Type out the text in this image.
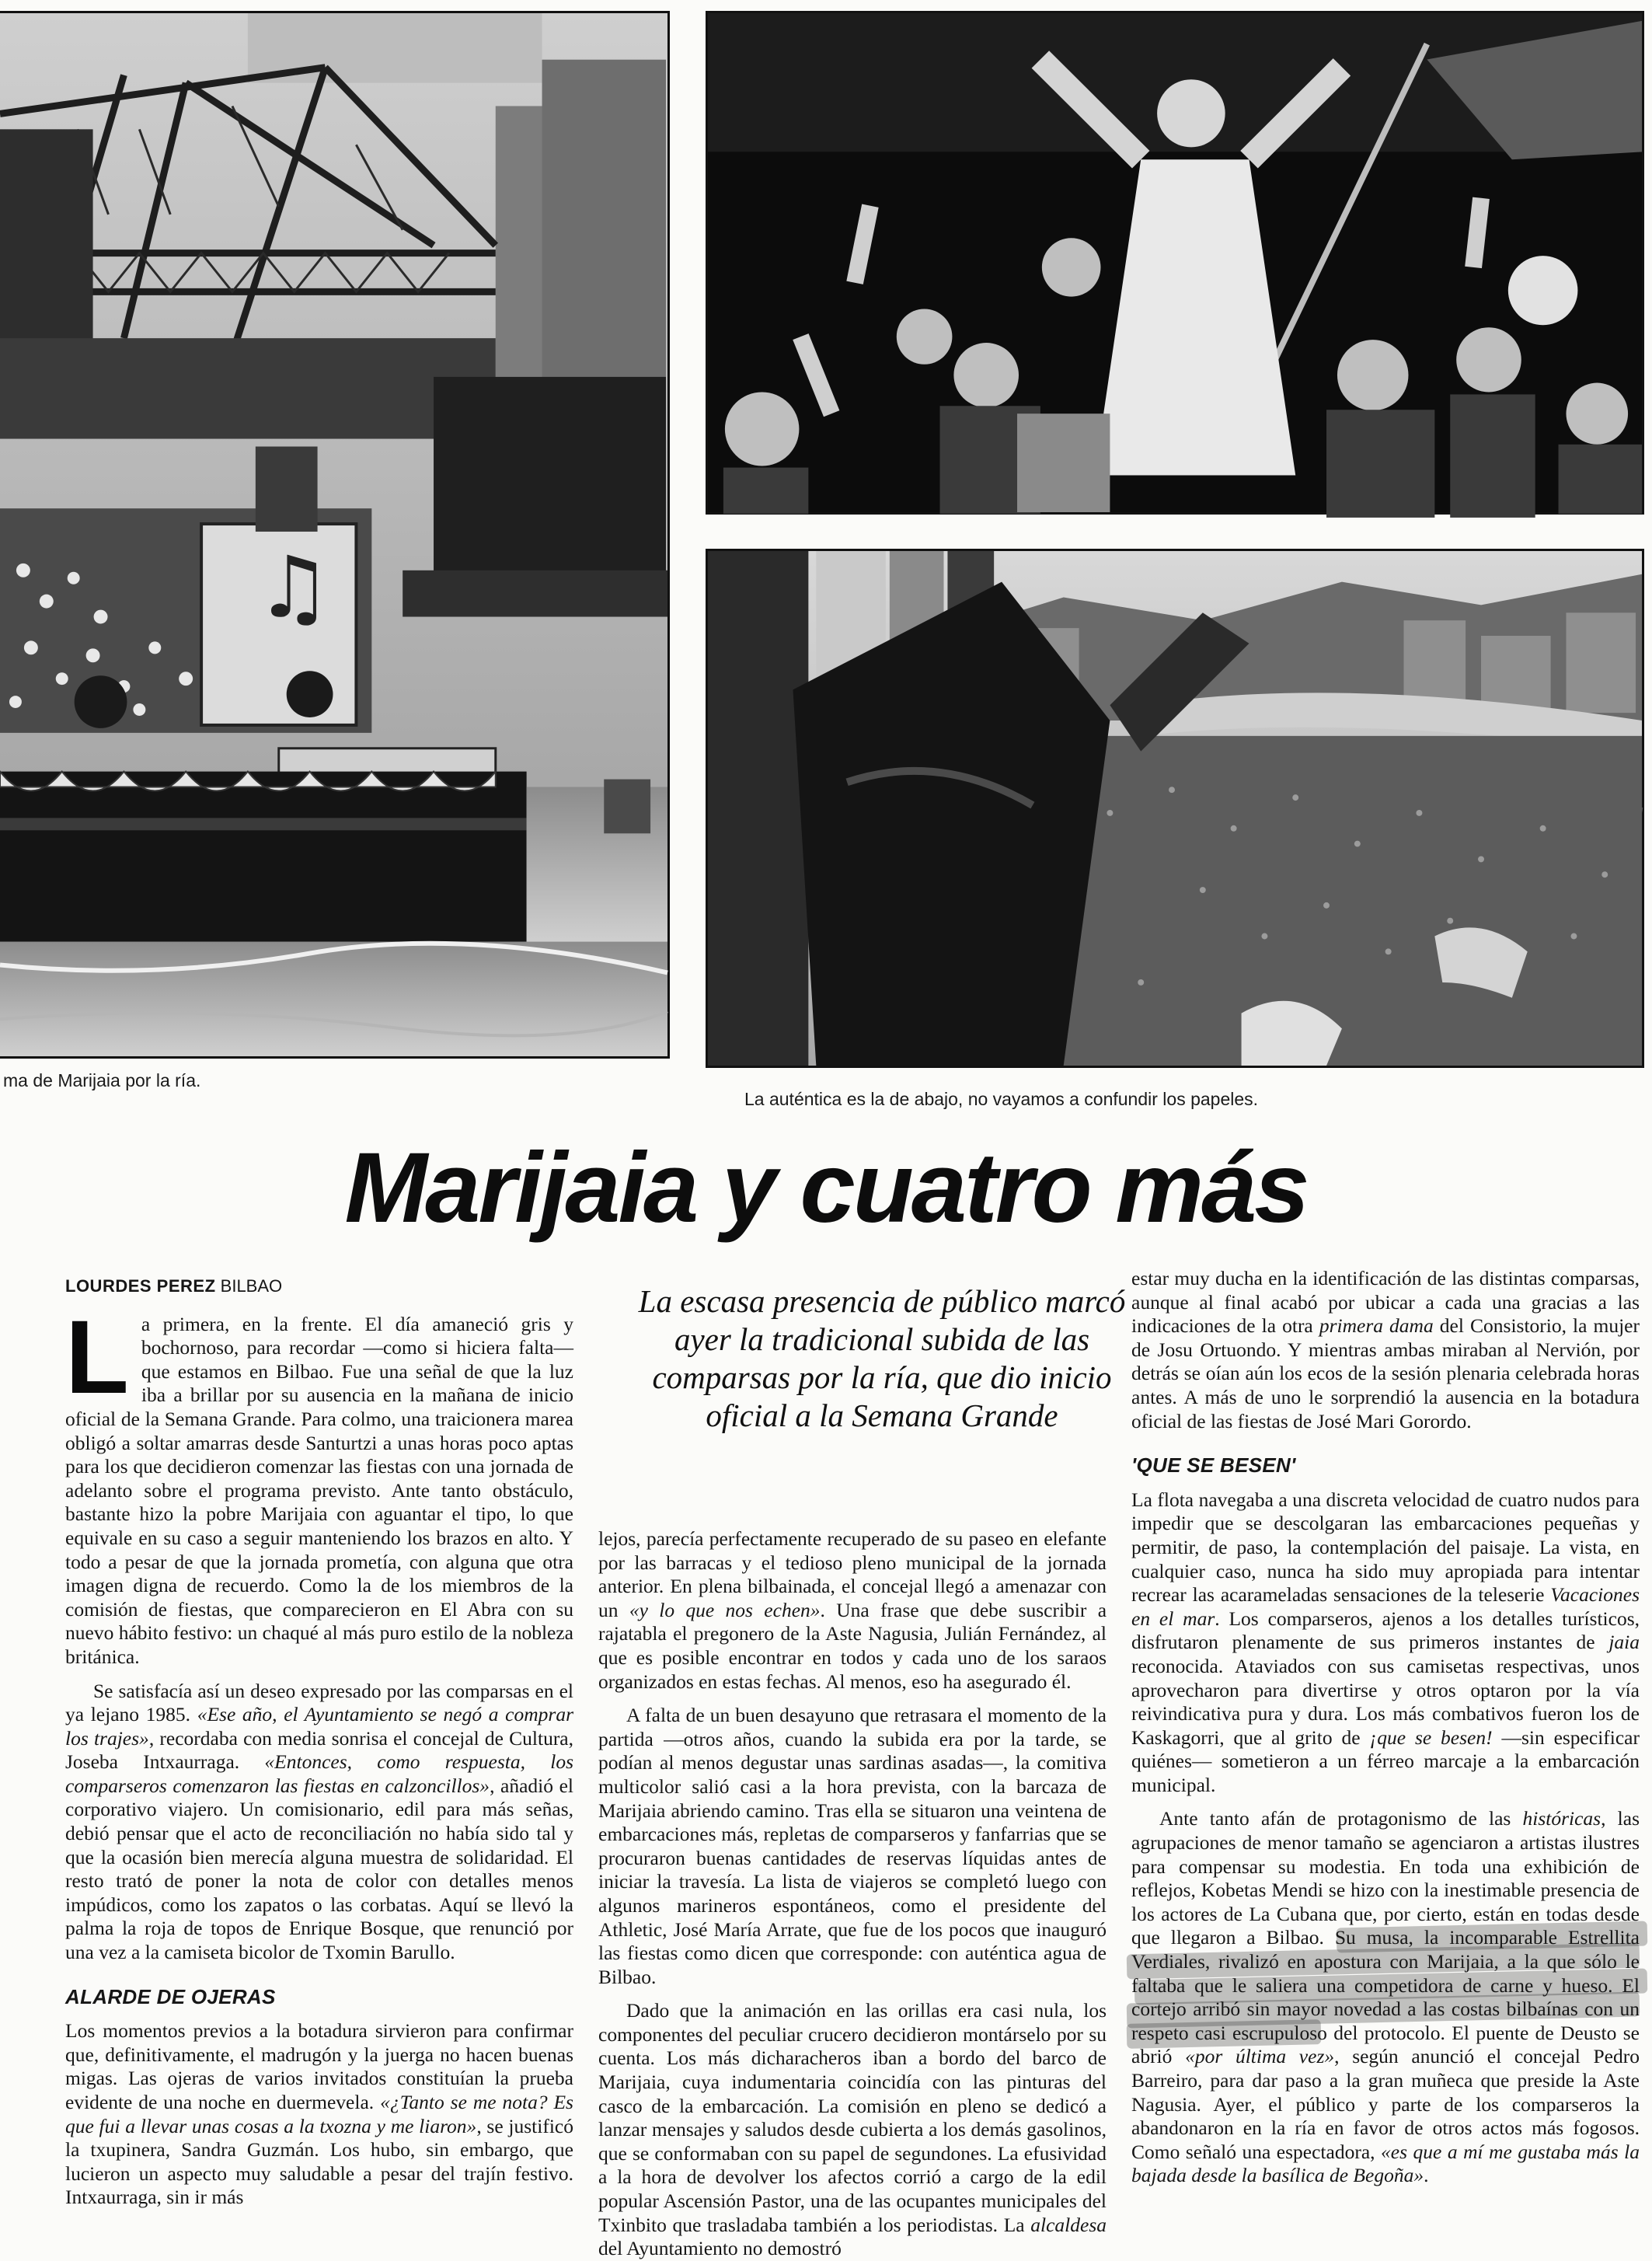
♫
ma de Marijaia por la ría.
La auténtica es la de abajo, no vayamos a confundir los papeles.
Marijaia y cuatro más

La escasa presencia de público marcó ayer la tradicional subida de las comparsas por la ría, que dio inicio oficial a la Semana Grande

LOURDES PEREZ BILBAO

La primera, en la frente. El día amaneció gris y bochornoso, para recordar —como si hiciera falta— que estamos en Bilbao. Fue una señal de que la luz iba a brillar por su ausencia en la mañana de inicio oficial de la Semana Grande. Para colmo, una traicionera marea obligó a soltar amarras desde Santurtzi a unas horas poco aptas para los que decidieron comenzar las fiestas con una jornada de adelanto sobre el programa previsto. Ante tanto obstáculo, bastante hizo la pobre Marijaia con aguantar el tipo, lo que equivale en su caso a seguir manteniendo los brazos en alto. Y todo a pesar de que la jornada prometía, con alguna que otra imagen digna de recuerdo. Como la de los miembros de la comisión de fiestas, que comparecieron en El Abra con su nuevo hábito festivo: un chaqué al más puro estilo de la nobleza británica.

Se satisfacía así un deseo expresado por las comparsas en el ya lejano 1985. «Ese año, el Ayuntamiento se negó a comprar los trajes», recordaba con media sonrisa el concejal de Cultura, Joseba Intxaurraga. «Entonces, como respuesta, los comparseros comenzaron las fiestas en calzoncillos», añadió el corporativo viajero. Un comisionario, edil para más señas, debió pensar que el acto de reconciliación no había sido tal y que la ocasión bien merecía alguna muestra de solidaridad. El resto trató de poner la nota de color con detalles menos impúdicos, como los zapatos o las corbatas. Aquí se llevó la palma la roja de topos de Enrique Bosque, que renunció por una vez a la camiseta bicolor de Txomin Barullo.

ALARDE DE OJERAS

Los momentos previos a la botadura sirvieron para confirmar que, definitivamente, el madrugón y la juerga no hacen buenas migas. Las ojeras de varios invitados constituían la prueba evidente de una noche en duermevela. «¿Tanto se me nota? Es que fui a llevar unas cosas a la txozna y me liaron», se justificó la txupinera, Sandra Guzmán. Los hubo, sin embargo, que lucieron un aspecto muy saludable a pesar del trajín festivo. Intxaurraga, sin ir más

lejos, parecía perfectamente recuperado de su paseo en elefante por las barracas y el tedioso pleno municipal de la jornada anterior. En plena bilbainada, el concejal llegó a amenazar con un «y lo que nos echen». Una frase que debe suscribir a rajatabla el pregonero de la Aste Nagusia, Julián Fernández, al que es posible encontrar en todos y cada uno de los saraos organizados en estas fechas. Al menos, eso ha asegurado él.

A falta de un buen desayuno que retrasara el momento de la partida —otros años, cuando la subida era por la tarde, se podían al menos degustar unas sardinas asadas—, la comitiva multicolor salió casi a la hora prevista, con la barcaza de Marijaia abriendo camino. Tras ella se situaron una veintena de embarcaciones más, repletas de comparseros y fanfarrias que se procuraron buenas cantidades de reservas líquidas antes de iniciar la travesía. La lista de viajeros se completó luego con algunos marineros espontáneos, como el presidente del Athletic, José María Arrate, que fue de los pocos que inauguró las fiestas como dicen que corresponde: con auténtica agua de Bilbao.

Dado que la animación en las orillas era casi nula, los componentes del peculiar crucero decidieron montárselo por su cuenta. Los más dicharacheros iban a bordo del barco de Marijaia, cuya indumentaria coincidía con las pinturas del casco de la embarcación. La comisión en pleno se dedicó a lanzar mensajes y saludos desde cubierta a los demás gasolinos, que se conformaban con su papel de segundones. La efusividad a la hora de devolver los afectos corrió a cargo de la edil popular Ascensión Pastor, una de las ocupantes municipales del Txinbito que trasladaba también a los periodistas. La alcaldesa del Ayuntamiento no demostró

estar muy ducha en la identificación de las distintas comparsas, aunque al final acabó por ubicar a cada una gracias a las indicaciones de la otra primera dama del Consistorio, la mujer de Josu Ortuondo. Y mientras ambas miraban al Nervión, por detrás se oían aún los ecos de la sesión plenaria celebrada horas antes. A más de uno le sorprendió la ausencia en la botadura oficial de las fiestas de José Mari Gorordo.

'QUE SE BESEN'

La flota navegaba a una discreta velocidad de cuatro nudos para impedir que se descolgaran las embarcaciones pequeñas y permitir, de paso, la contemplación del paisaje. La vista, en cualquier caso, nunca ha sido muy apropiada para intentar recrear las acarameladas sensaciones de la teleserie Vacaciones en el mar. Los comparseros, ajenos a los detalles turísticos, disfrutaron plenamente de sus primeros instantes de jaia reconocida. Ataviados con sus camisetas respectivas, unos aprovecharon para divertirse y otros optaron por la vía reivindicativa pura y dura. Los más combativos fueron los de Kaskagorri, que al grito de ¡que se besen! —sin especificar quiénes— sometieron a un férreo marcaje a la embarcación municipal.

Ante tanto afán de protagonismo de las históricas, las agrupaciones de menor tamaño se agenciaron a artistas ilustres para compensar su modestia. En toda una exhibición de reflejos, Kobetas Mendi se hizo con la inestimable presencia de los actores de La Cubana que, por cierto, están en todas desde que llegaron a Bilbao. Su musa, la incomparable Estrellita Verdiales, rivalizó en apostura con Marijaia, a la que sólo le faltaba que le saliera una competidora de carne y hueso. El cortejo arribó sin mayor novedad a las costas bilbaínas con un respeto casi escrupuloso del protocolo. El puente de Deusto se abrió «por última vez», según anunció el concejal Pedro Barreiro, para dar paso a la gran muñeca que preside la Aste Nagusia. Ayer, el público y parte de los comparseros la abandonaron en la ría en favor de otros actos más fogosos. Como señaló una espectadora, «es que a mí me gustaba más la bajada desde la basílica de Begoña».
